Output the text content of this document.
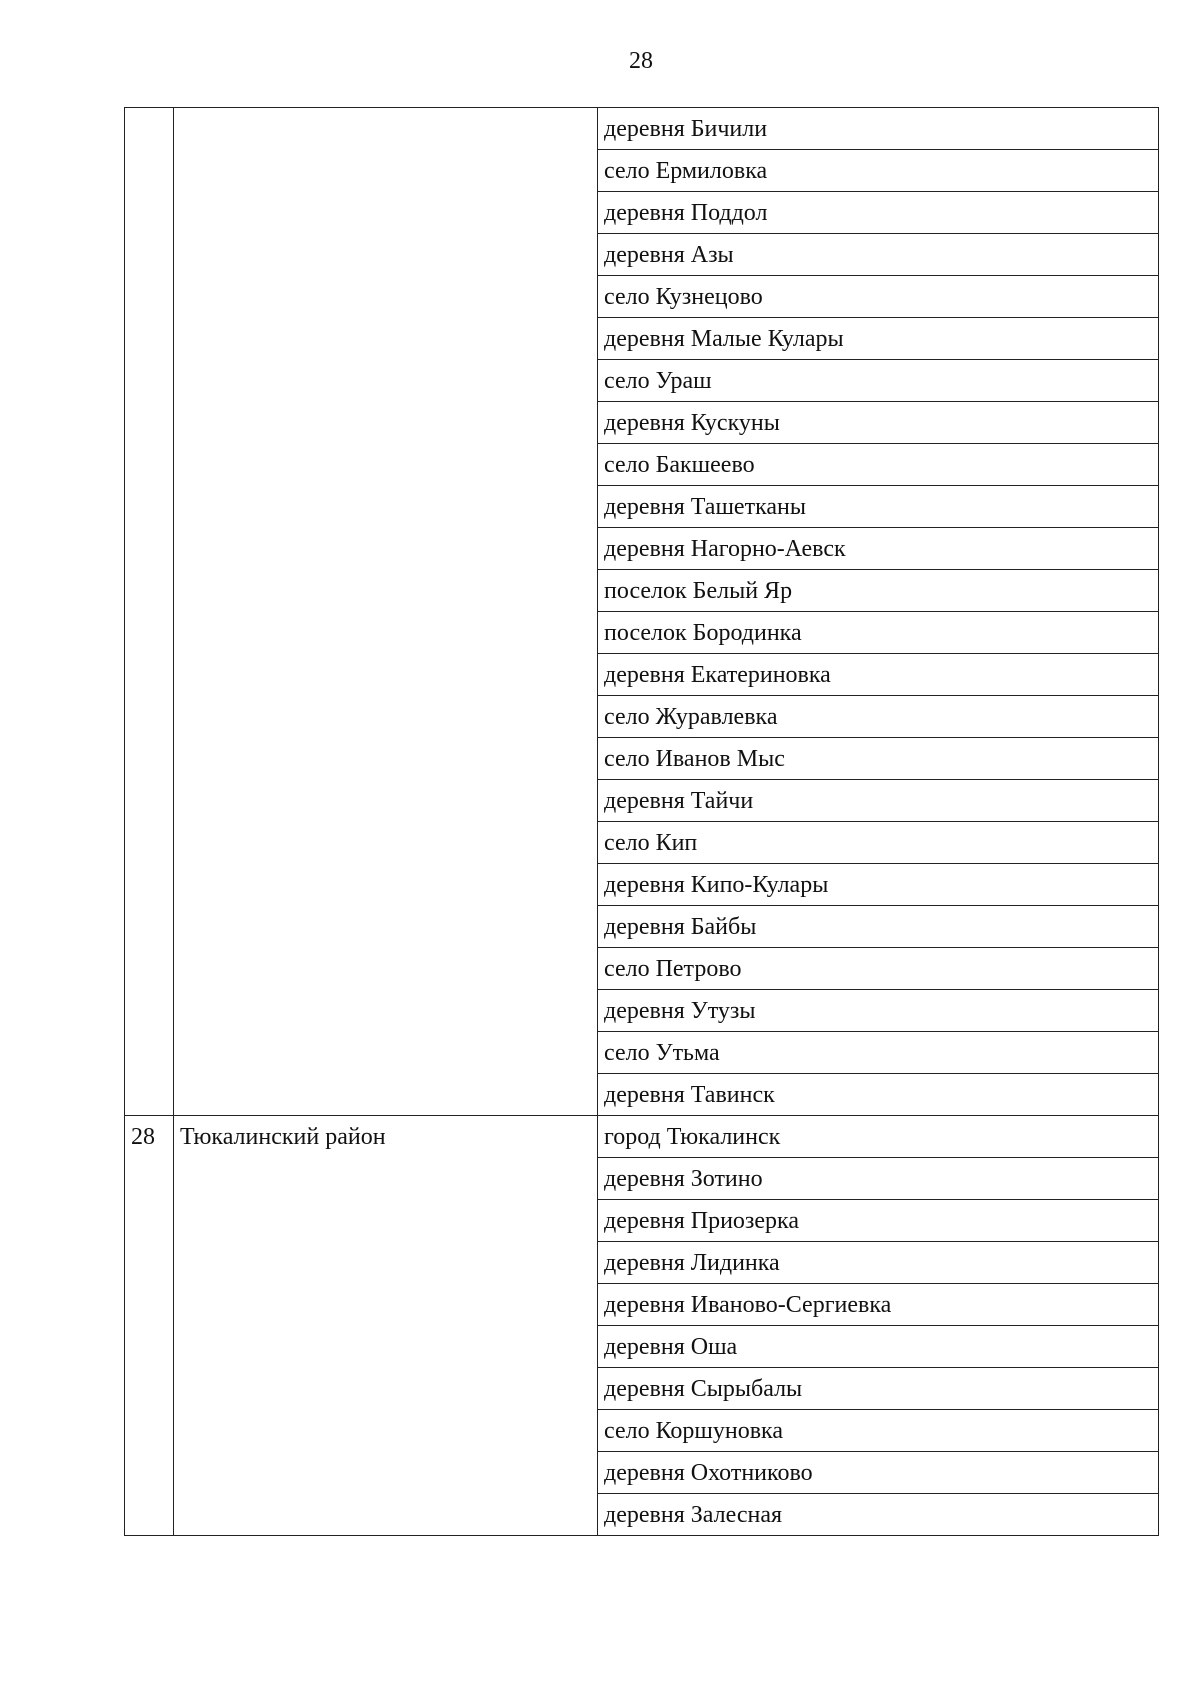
28
		деревня Бичили
		село Ермиловка
		деревня Поддол
		деревня Азы
		село Кузнецово
		деревня Малые Кулары
		село Ураш
		деревня Кускуны
		село Бакшеево
		деревня Ташетканы
		деревня Нагорно-Аевск
		поселок Белый Яр
		поселок Бородинка
		деревня Екатериновка
		село Журавлевка
		село Иванов Мыс
		деревня Тайчи
		село Кип
		деревня Кипо-Кулары
		деревня Байбы
		село Петрово
		деревня Утузы
		село Утьма
		деревня Тавинск
28	Тюкалинский район	город Тюкалинск
		деревня Зотино
		деревня Приозерка
		деревня Лидинка
		деревня Иваново-Сергиевка
		деревня Оша
		деревня Сырыбалы
		село Коршуновка
		деревня Охотниково
		деревня Залесная
